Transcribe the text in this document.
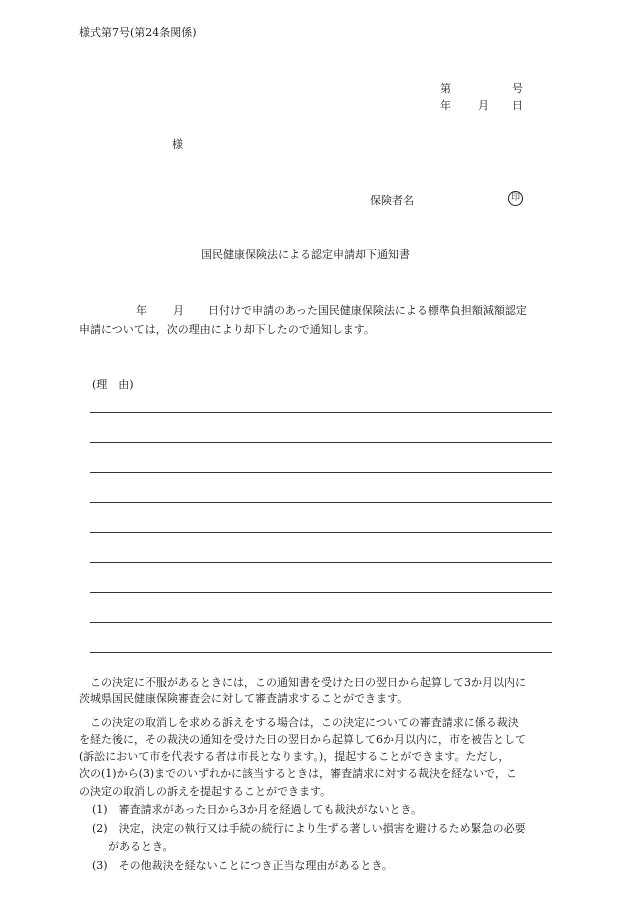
様式第7号(第24条関係)
第	号
年 月 日
様
保険者名	印
国民健康保険法による認定申請却下通知書
年 月 日付けで申請のあった国民健康保険法による標準負担額減額認定
申請については，次の理由により却下したので通知します。
(理　由)
この決定に不服があるときには，この通知書を受けた日の翌日から起算して3か月以内に
茨城県国民健康保険審査会に対して審査請求することができます。
この決定の取消しを求める訴えをする場合は，この決定についての審査請求に係る裁決
を経た後に，その裁決の通知を受けた日の翌日から起算して6か月以内に，市を被告として
(訴訟において市を代表する者は市長となります。)，提起することができます。ただし，
次の(1)から(3)までのいずれかに該当するときは，審査請求に対する裁決を経ないで，こ
の決定の取消しの訴えを提起することができます。
(1)　審査請求があった日から3か月を経過しても裁決がないとき。
(2)　決定，決定の執行又は手続の続行により生ずる著しい損害を避けるため緊急の必要
があるとき。
(3)　その他裁決を経ないことにつき正当な理由があるとき。
